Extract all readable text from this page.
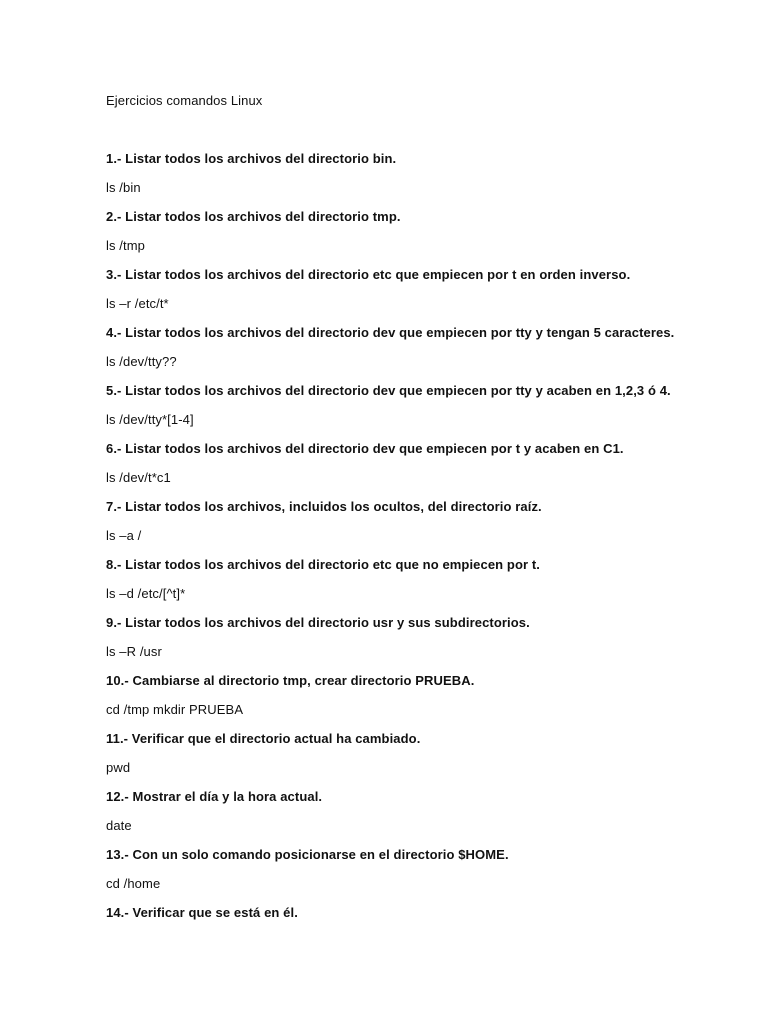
Ejercicios comandos Linux
1.- Listar todos los archivos del directorio bin.
ls /bin
2.- Listar todos los archivos del directorio tmp.
ls /tmp
3.- Listar todos los archivos del directorio etc que empiecen por t en orden inverso.
ls –r /etc/t*
4.- Listar todos los archivos del directorio dev que empiecen por tty y tengan 5 caracteres.
ls /dev/tty??
5.- Listar todos los archivos del directorio dev que empiecen por tty y acaben en 1,2,3 ó 4.
ls /dev/tty*[1-4]
6.- Listar todos los archivos del directorio dev que empiecen por t y acaben en C1.
ls /dev/t*c1
7.- Listar todos los archivos, incluidos los ocultos, del directorio raíz.
ls –a /
8.- Listar todos los archivos del directorio etc que no empiecen por t.
ls –d /etc/[^t]*
9.- Listar todos los archivos del directorio usr y sus subdirectorios.
ls –R /usr
10.- Cambiarse al directorio tmp, crear directorio PRUEBA.
cd /tmp mkdir PRUEBA
11.- Verificar que el directorio actual ha cambiado.
pwd
12.- Mostrar el día y la hora actual.
date
13.- Con un solo comando posicionarse en el directorio $HOME.
cd /home
14.- Verificar que se está en él.
